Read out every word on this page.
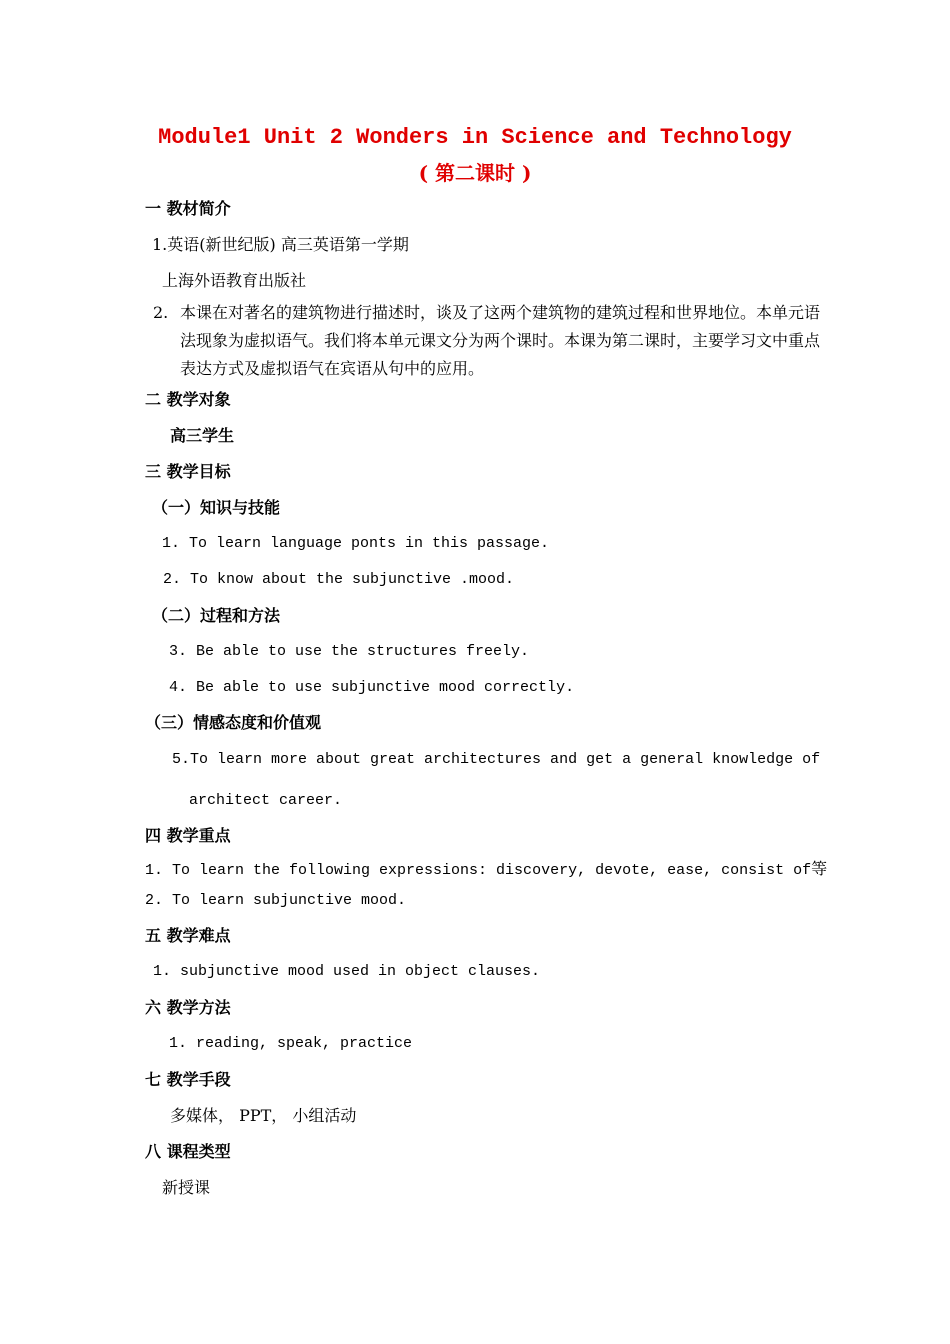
Module1 Unit 2 Wonders in Science and Technology
( 第二课时 )
一 教材简介
1.英语(新世纪版) 高三英语第一学期
上海外语教育出版社
2. 本课在对著名的建筑物进行描述时，谈及了这两个建筑物的建筑过程和世界地位。本单元语法现象为虚拟语气。我们将本单元课文分为两个课时。本课为第二课时，主要学习文中重点表达方式及虚拟语气在宾语从句中的应用。
二 教学对象
高三学生
三 教学目标
（一）知识与技能
1. To learn language ponts in this passage.
2. To know about the subjunctive .mood.
（二）过程和方法
3. Be able to use the structures freely.
4. Be able to use subjunctive mood correctly.
（三）情感态度和价值观
5.To learn more about great architectures and get a general knowledge of
architect career.
四 教学重点
1. To learn the following expressions: discovery, devote, ease, consist of等
2. To learn subjunctive mood.
五 教学难点
1. subjunctive mood used in object clauses.
六 教学方法
1. reading, speak, practice
七 教学手段
多媒体， PPT， 小组活动
八 课程类型
新授课
